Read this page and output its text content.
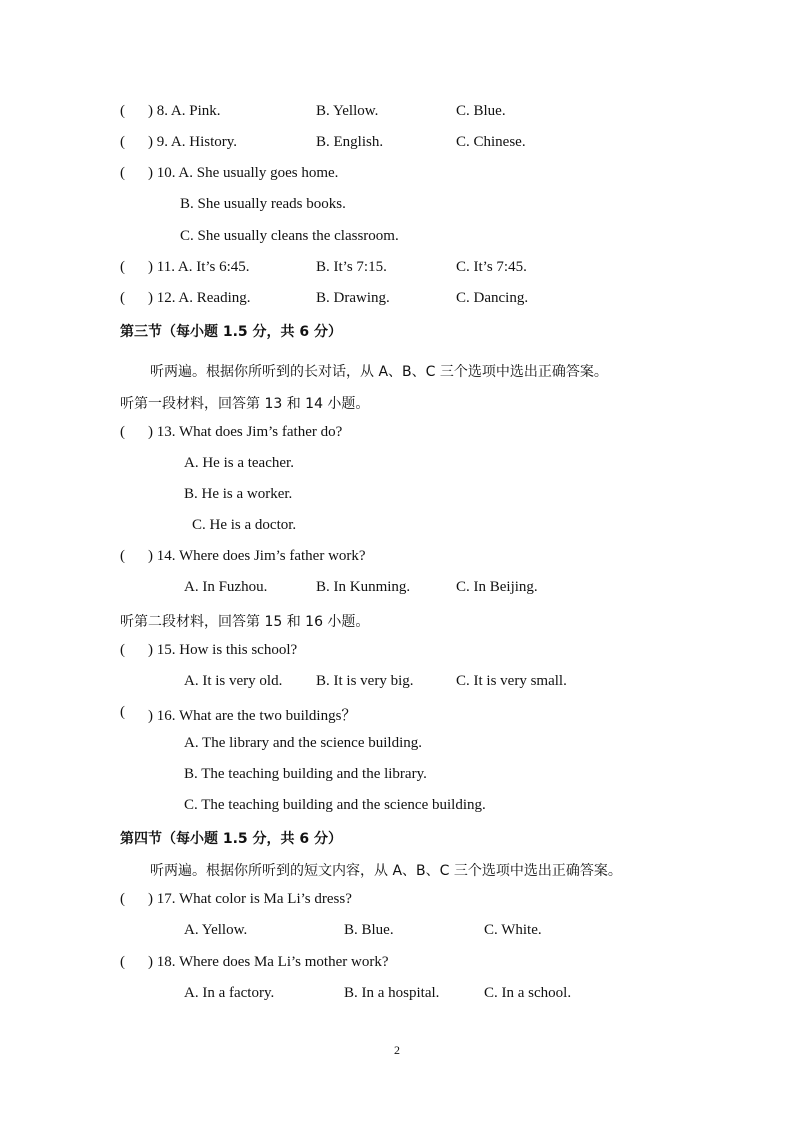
( ) 8. A. Pink.	B. Yellow.	C. Blue.
( ) 9. A. History.	B. English.	C. Chinese.
( ) 10. A. She usually goes home.
B. She usually reads books.
C. She usually cleans the classroom.
( ) 11. A. It’s 6:45.	B. It’s 7:15.	C. It’s 7:45.
( ) 12. A. Reading.	B. Drawing.	C. Dancing.
第三节（每小题 1.5 分，共 6 分）
听两遍。根据你所听到的长对话，从 A、B、C 三个选项中选出正确答案。
听第一段材料，回答第 13 和 14 小题。
( ) 13. What does Jim’s father do?
A. He is a teacher.
B. He is a worker.
C. He is a doctor.
( ) 14. Where does Jim’s father work?
A. In Fuzhou.	B. In Kunming.	C. In Beijing.
听第二段材料，回答第 15 和 16 小题。
( ) 15. How is this school?
A. It is very old. B. It is very big.	C. It is very small.
( ) 16. What are the two buildings？
A. The library and the science building.
B. The teaching building and the library.
C. The teaching building and the science building.
第四节（每小题 1.5 分，共 6 分）
听两遍。根据你所听到的短文内容，从 A、B、C 三个选项中选出正确答案。
( ) 17. What color is Ma Li’s dress?
A. Yellow.	B. Blue.	C. White.
( ) 18. Where does Ma Li’s mother work?
A. In a factory.	B. In a hospital.	C. In a school.
2
